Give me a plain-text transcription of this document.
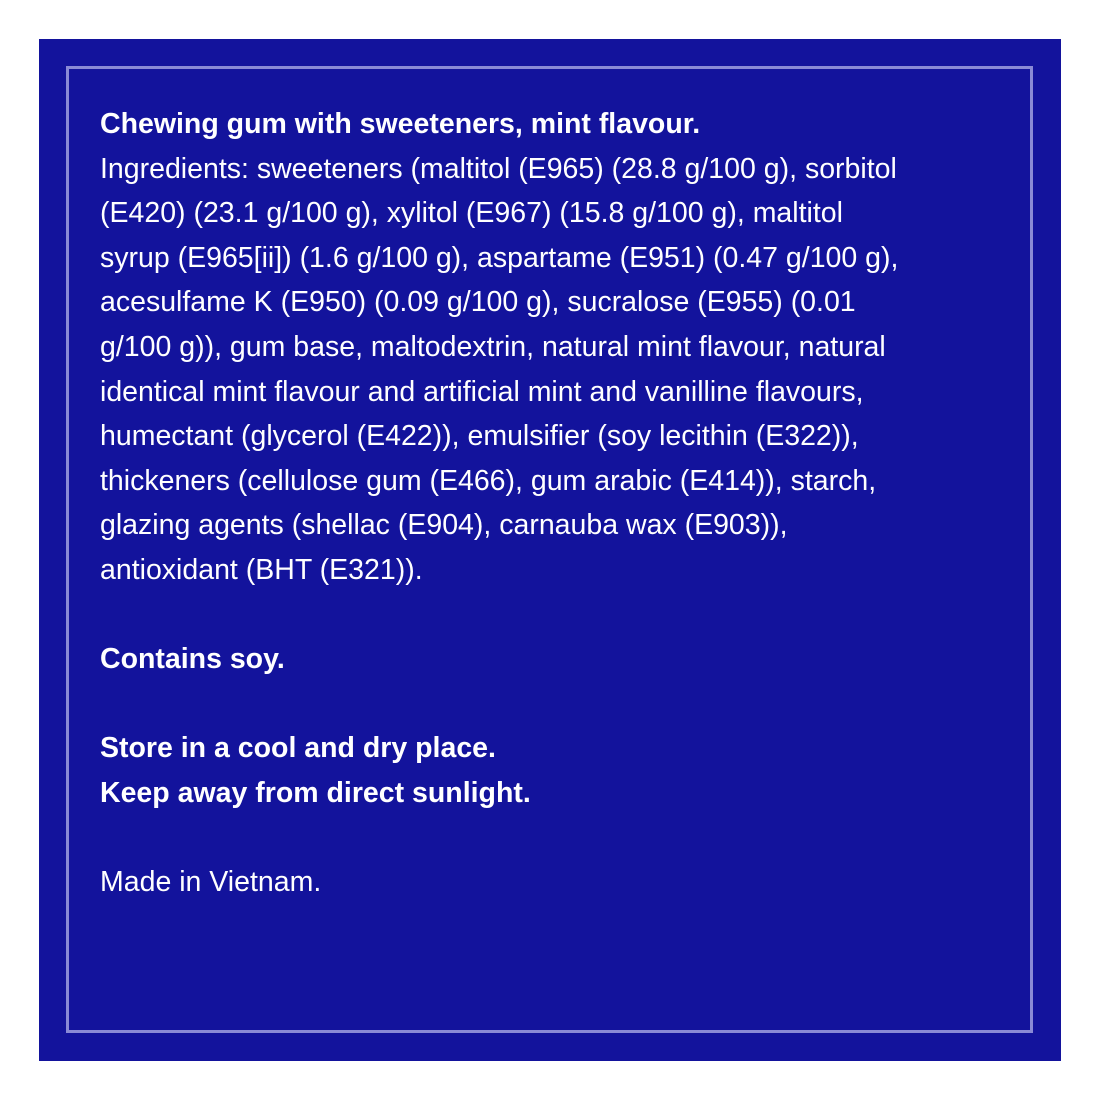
Chewing gum with sweeteners, mint flavour.
Ingredients: sweeteners (maltitol (E965) (28.8 g/100 g), sorbitol
(E420) (23.1 g/100 g), xylitol (E967) (15.8 g/100 g), maltitol
syrup (E965[ii]) (1.6 g/100 g), aspartame (E951) (0.47 g/100 g),
acesulfame K (E950) (0.09 g/100 g), sucralose (E955) (0.01
g/100 g)), gum base, maltodextrin, natural mint flavour, natural
identical mint flavour and artificial mint and vanilline flavours,
humectant (glycerol (E422)), emulsifier (soy lecithin (E322)),
thickeners (cellulose gum (E466), gum arabic (E414)), starch,
glazing agents (shellac (E904), carnauba wax (E903)),
antioxidant (BHT (E321)).
Contains soy.
Store in a cool and dry place.
Keep away from direct sunlight.
Made in Vietnam.
